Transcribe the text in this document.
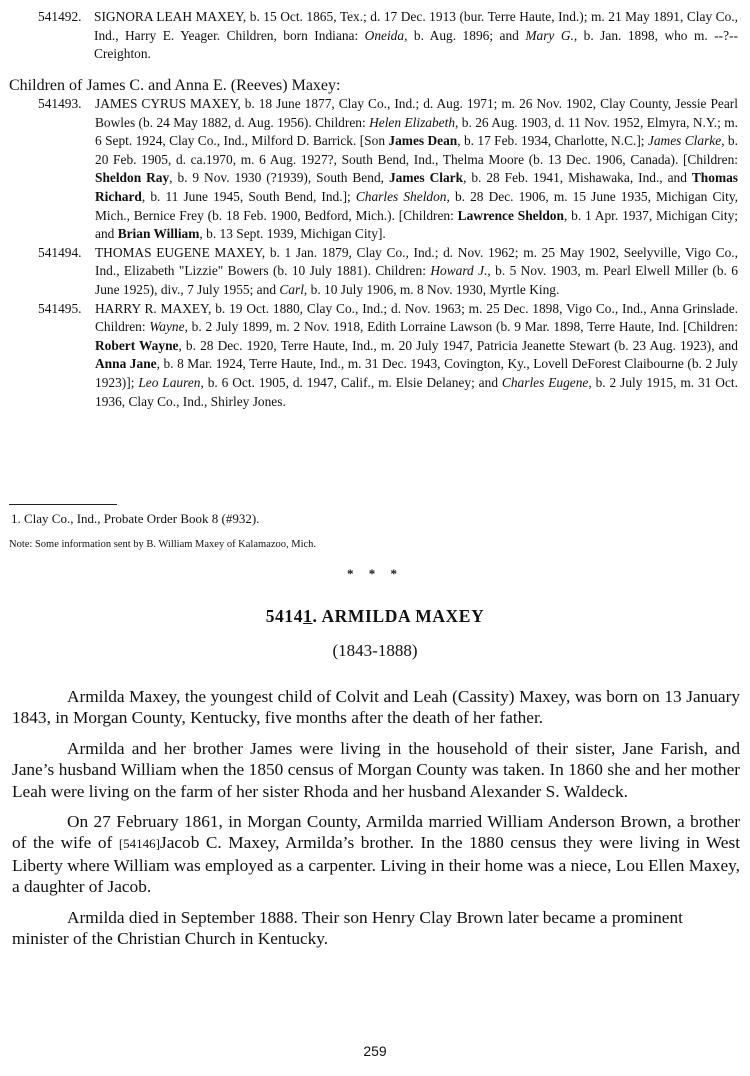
541492. SIGNORA LEAH MAXEY, b. 15 Oct. 1865, Tex.; d. 17 Dec. 1913 (bur. Terre Haute, Ind.); m. 21 May 1891, Clay Co., Ind., Harry E. Yeager. Children, born Indiana: Oneida, b. Aug. 1896; and Mary G., b. Jan. 1898, who m. --?-- Creighton.
Children of James C. and Anna E. (Reeves) Maxey:
541493.	JAMES CYRUS MAXEY, b. 18 June 1877, Clay Co., Ind.; d. Aug. 1971; m. 26 Nov. 1902, Clay County, Jessie Pearl Bowles (b. 24 May 1882, d. Aug. 1956). Children: Helen Elizabeth, b. 26 Aug. 1903, d. 11 Nov. 1952, Elmyra, N.Y.; m. 6 Sept. 1924, Clay Co., Ind., Milford D. Barrick. [Son James Dean, b. 17 Feb. 1934, Charlotte, N.C.]; James Clarke, b. 20 Feb. 1905, d. ca.1970, m. 6 Aug. 1927?, South Bend, Ind., Thelma Moore (b. 13 Dec. 1906, Canada). [Children: Sheldon Ray, b. 9 Nov. 1930 (?1939), South Bend, James Clark, b. 28 Feb. 1941, Mishawaka, Ind., and Thomas Richard, b. 11 June 1945, South Bend, Ind.]; Charles Sheldon, b. 28 Dec. 1906, m. 15 June 1935, Michigan City, Mich., Bernice Frey (b. 18 Feb. 1900, Bedford, Mich.). [Children: Lawrence Sheldon, b. 1 Apr. 1937, Michigan City; and Brian William, b. 13 Sept. 1939, Michigan City].
541494.	THOMAS EUGENE MAXEY, b. 1 Jan. 1879, Clay Co., Ind.; d. Nov. 1962; m. 25 May 1902, Seelyville, Vigo Co., Ind., Elizabeth "Lizzie" Bowers (b. 10 July 1881). Children: Howard J., b. 5 Nov. 1903, m. Pearl Elwell Miller (b. 6 June 1925), div., 7 July 1955; and Carl, b. 10 July 1906, m. 8 Nov. 1930, Myrtle King.
541495.	HARRY R. MAXEY, b. 19 Oct. 1880, Clay Co., Ind.; d. Nov. 1963; m. 25 Dec. 1898, Vigo Co., Ind., Anna Grinslade. Children: Wayne, b. 2 July 1899, m. 2 Nov. 1918, Edith Lorraine Lawson (b. 9 Mar. 1898, Terre Haute, Ind. [Children: Robert Wayne, b. 28 Dec. 1920, Terre Haute, Ind., m. 20 July 1947, Patricia Jeanette Stewart (b. 23 Aug. 1923), and Anna Jane, b. 8 Mar. 1924, Terre Haute, Ind., m. 31 Dec. 1943, Covington, Ky., Lovell DeForest Claibourne (b. 2 July 1923)]; Leo Lauren, b. 6 Oct. 1905, d. 1947, Calif., m. Elsie Delaney; and Charles Eugene, b. 2 July 1915, m. 31 Oct. 1936, Clay Co., Ind., Shirley Jones.
1. Clay Co., Ind., Probate Order Book 8 (#932).
Note: Some information sent by B. William Maxey of Kalamazoo, Mich.
* * *
54141. ARMILDA MAXEY
(1843-1888)

Armilda Maxey, the youngest child of Colvit and Leah (Cassity) Maxey, was born on 13 January 1843, in Morgan County, Kentucky, five months after the death of her father.

Armilda and her brother James were living in the household of their sister, Jane Farish, and Jane’s husband William when the 1850 census of Morgan County was taken. In 1860 she and her mother Leah were living on the farm of her sister Rhoda and her husband Alexander S. Waldeck.

On 27 February 1861, in Morgan County, Armilda married William Anderson Brown, a brother of the wife of [54146]Jacob C. Maxey, Armilda’s brother. In the 1880 census they were living in West Liberty where William was employed as a carpenter. Living in their home was a niece, Lou Ellen Maxey, a daughter of Jacob.

Armilda died in September 1888. Their son Henry Clay Brown later became a prominent minister of the Christian Church in Kentucky.

259
